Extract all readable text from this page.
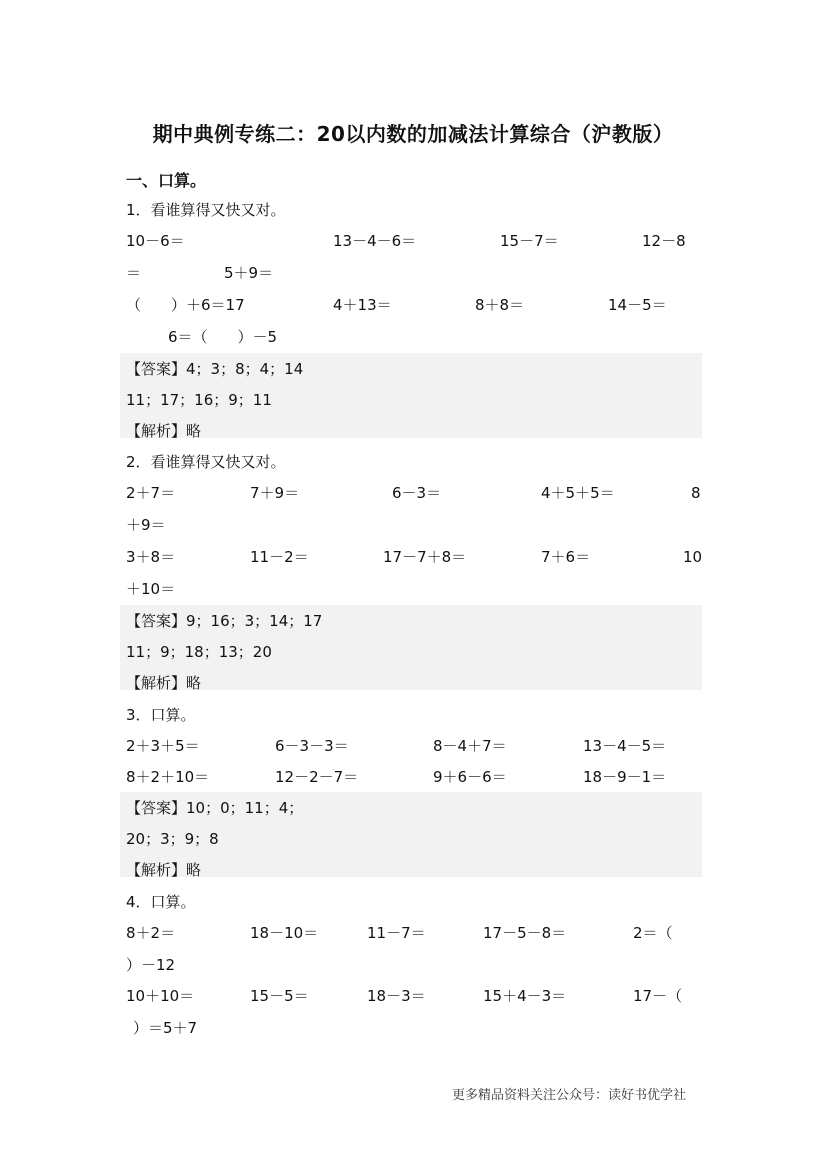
期中典例专练二：20以内数的加减法计算综合（沪教版）
一、口算。
1．看谁算得又快又对。
10－6＝	13－4－6＝	15－7＝	12－8
＝	5＋9＝
（　　）＋6＝17	4＋13＝	8＋8＝	14－5＝
6＝（　　）－5
【答案】4；3；8；4；14
11；17；16；9；11
【解析】略
2．看谁算得又快又对。
2＋7＝	7＋9＝	6－3＝	4＋5＋5＝	8
＋9＝
3＋8＝	11－2＝	17－7＋8＝	7＋6＝	10
＋10＝
【答案】9；16；3；14；17
11；9；18；13；20
【解析】略
3．口算。
2＋3＋5＝	6－3－3＝	8－4＋7＝	13－4－5＝
8＋2＋10＝	12－2－7＝	9＋6－6＝	18－9－1＝
【答案】10；0；11；4；
20；3；9；8
【解析】略
4．口算。
8＋2＝	18－10＝	11－7＝	17－5－8＝	2＝（
）－12
10＋10＝	15－5＝	18－3＝	15＋4－3＝	17－（
）＝5＋7
更多精品资料关注公众号：读好书优学社
